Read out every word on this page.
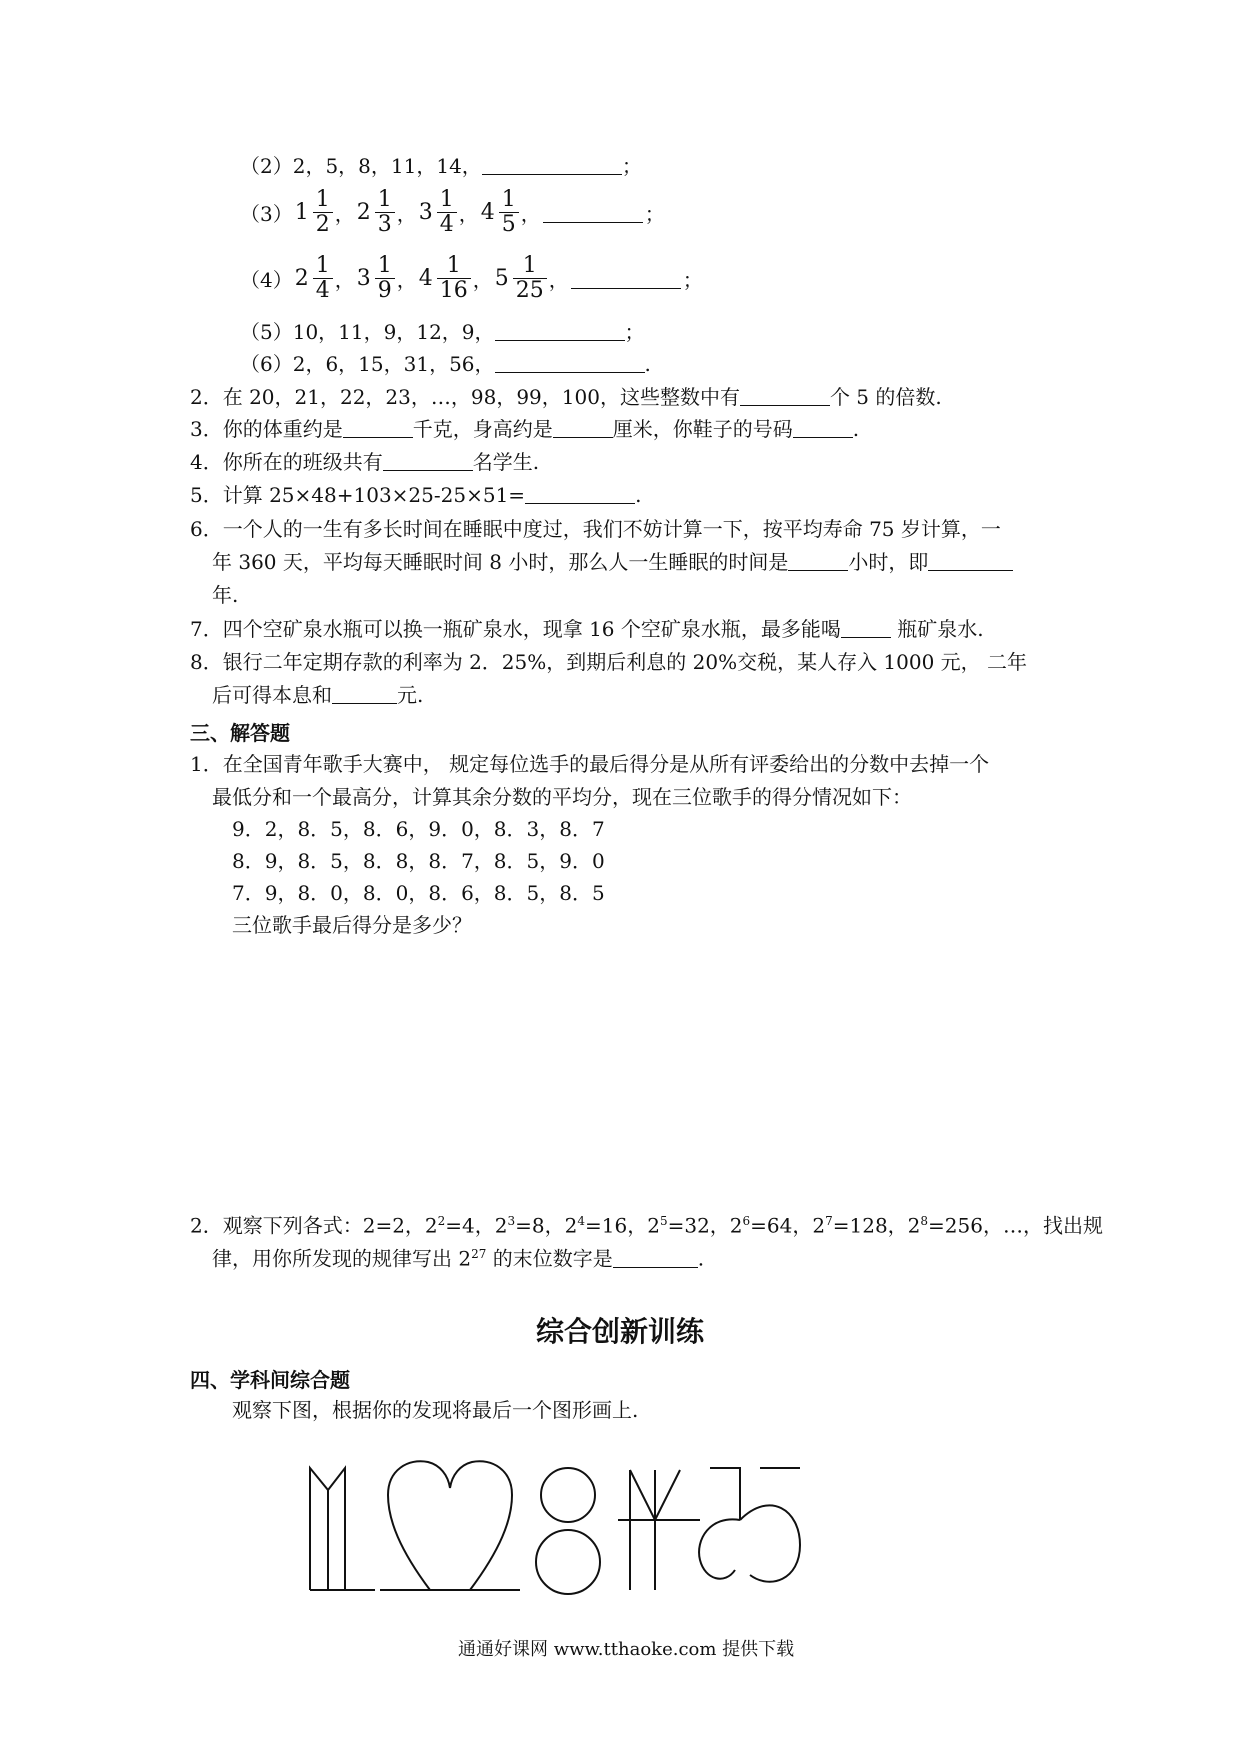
（2）2，5，8，11，14，	；
（3） $1 \frac{1}{2}$ ， $2 \frac{1}{3}$ ， $3 \frac{1}{4}$ ， $4 \frac{1}{5}$ ，	；
（4） $2 \frac{1}{4}$ ， $3 \frac{1}{9}$ ， $4 \frac{1}{16}$ ， $5 \frac{1}{25}$ ，	；
（5）10，11，9，12，9，	；
（6）2，6，15，31，56，	.
2．在 20，21，22，23，…，98，99，100，这些整数中有	个 5 的倍数.
3．你的体重约是	千克，身高约是	厘米，你鞋子的号码	.
4．你所在的班级共有	名学生.
5．计算 25×48+103×25-25×51=	.
6．一个人的一生有多长时间在睡眠中度过，我们不妨计算一下，按平均寿命 75 岁计算，一
年 360 天，平均每天睡眠时间 8 小时，那么人一生睡眠的时间是	小时，即
年.
7．四个空矿泉水瓶可以换一瓶矿泉水，现拿 16 个空矿泉水瓶，最多能喝	瓶矿泉水.
8．银行二年定期存款的利率为 2．25%，到期后利息的 20%交税，某人存入 1000 元， 二年
后可得本息和	元.
三、解答题
1．在全国青年歌手大赛中， 规定每位选手的最后得分是从所有评委给出的分数中去掉一个
最低分和一个最高分，计算其余分数的平均分，现在三位歌手的得分情况如下：
9．2，8．5，8．6，9．0，8．3，8．7
8．9，8．5，8．8，8．7，8．5，9．0
7．9，8．0，8．0，8．6，8．5，8．5
三位歌手最后得分是多少？
2．观察下列各式：2=2，$2^2=4$，$2^3=8$，$2^4=16$，$2^5=32$，$2^6=64$，$2^7=128$，$2^8=256$，…，找出规
律，用你所发现的规律写出 $2^{27}$ 的末位数字是	.
综合创新训练
四、学科间综合题
观察下图，根据你的发现将最后一个图形画上.
通通好课网 www.tthaoke.com 提供下载
